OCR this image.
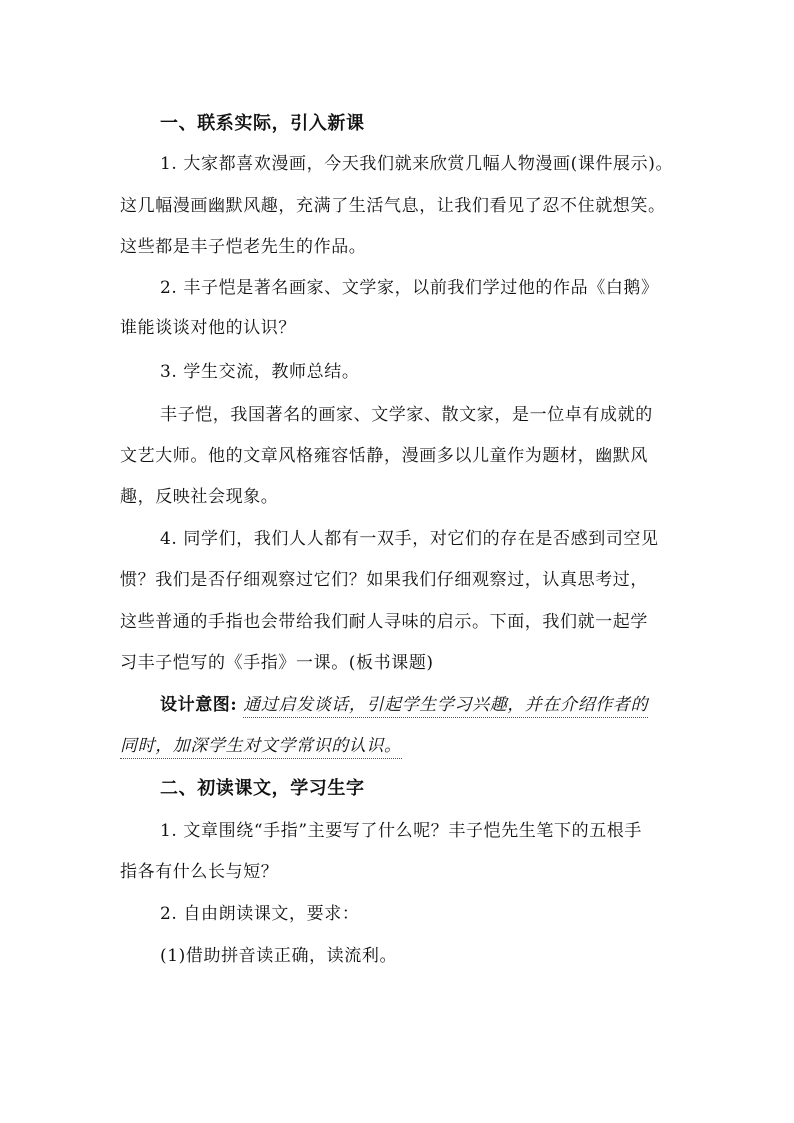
一、联系实际，引入新课
1. 大家都喜欢漫画，今天我们就来欣赏几幅人物漫画(课件展示)。
这几幅漫画幽默风趣，充满了生活气息，让我们看见了忍不住就想笑。
这些都是丰子恺老先生的作品。
2. 丰子恺是著名画家、文学家，以前我们学过他的作品《白鹅》
谁能谈谈对他的认识？
3. 学生交流，教师总结。
丰子恺，我国著名的画家、文学家、散文家，是一位卓有成就的
文艺大师。他的文章风格雍容恬静，漫画多以儿童作为题材，幽默风
趣，反映社会现象。
4. 同学们，我们人人都有一双手，对它们的存在是否感到司空见
惯？我们是否仔细观察过它们？如果我们仔细观察过，认真思考过，
这些普通的手指也会带给我们耐人寻味的启示。下面，我们就一起学
习丰子恺写的《手指》一课。(板书课题)
设计意图: 通过启发谈话，引起学生学习兴趣，并在介绍作者的
同时，加深学生对文学常识的认识。
二、初读课文，学习生字
1. 文章围绕“手指”主要写了什么呢？丰子恺先生笔下的五根手
指各有什么长与短？
2. 自由朗读课文，要求：
(1)借助拼音读正确，读流利。
